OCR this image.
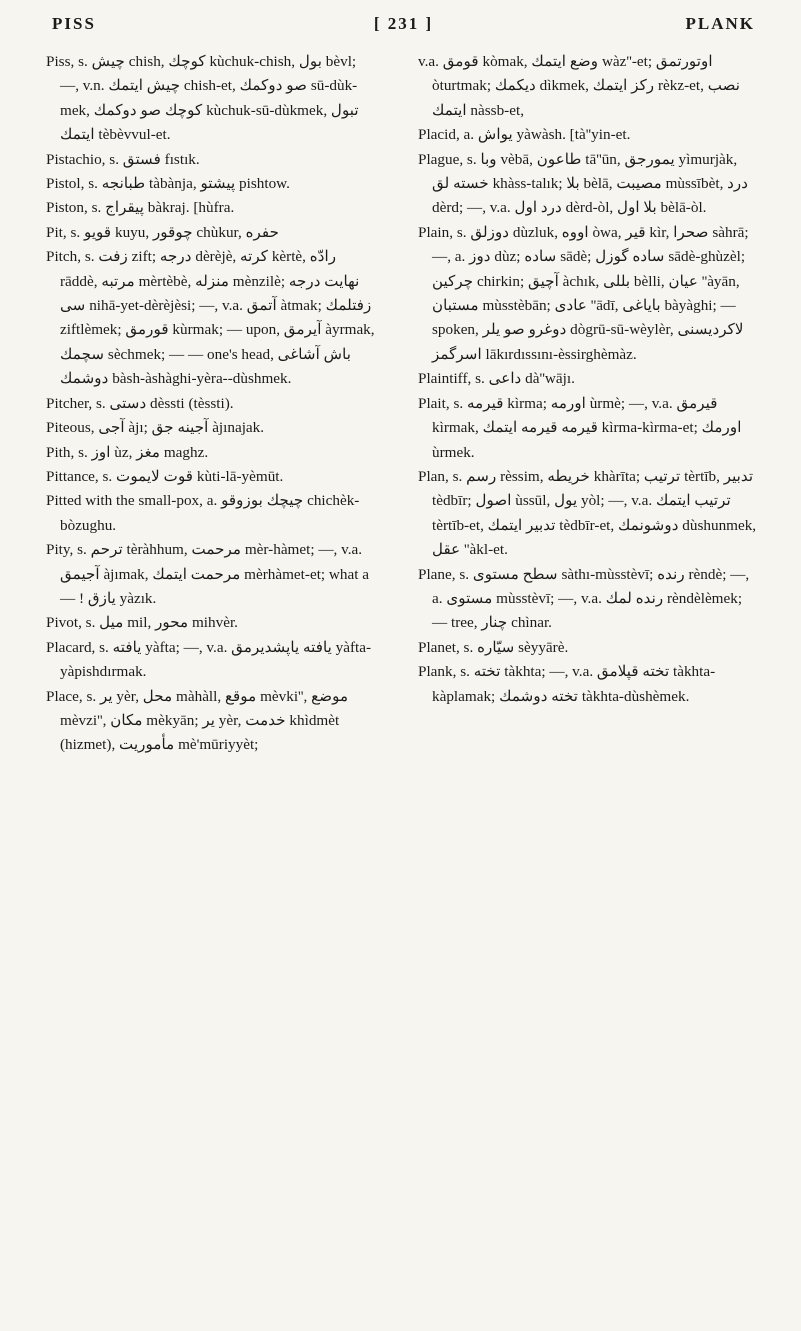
PISS	[ 231 ]	PLANK

Piss, s. چیش chish, كوچك kùchuk-chish, بول bèvl; —, v.n. چیش ایتمك chish-et, صو دوكمك sū-dùk-mek, كوچك صو دوكمك kùchuk-sū-dùkmek, تبول ايتمك tèbèvvul-et.

Pistachio, s. فستق fıstık.

Pistol, s. طبانجه tàbànja, پیشتو pishtow.

Piston, s. پیقراج bàkraj. [hùfra.

Pit, s. قویو kuyu, چوقور chùkur, حفره

Pitch, s. زفت zift; درجه dèrèjè, كرته kèrtè, رادّه rāddè, مرتبه mèrtèbè, منزله mènzilè; نهایت درجه سی nihā-yet-dèrèjèsi; —, v.a. آتمق àtmak; زفتلمك ziftlèmek; قورمق kùrmak; — upon, آیرمق àyrmak, سچمك sèchmek; — — one's head, باش آشاغی دوشمك bàsh-àshàghi-yèra--dùshmek.

Pitcher, s. دستی dèssti (tèssti).

Piteous, آجی àjı; آجینه جق àjınajak.

Pith, s. اوز ùz, مغز maghz.

Pittance, s. قوت لایموت kùti-lā-yèmūt.

Pitted with the small-pox, a. چیچك بوزوقو chichèk-bòzughu.

Pity, s. ترحم tèràhhum, مرحمت mèr-hàmet; —, v.a. آجیمق àjımak, مرحمت ایتمك mèrhàmet-et; what a — ! یازق yàzık.

Pivot, s. میل mil, محور mihvèr.

Placard, s. یافته yàfta; —, v.a. یافته یاپشدیرمق yàfta-yàpishdırmak.

Place, s. یر yèr, محل màhàll, موقع mèvki'', موضع mèvzi'', مكان mèkyān; یر yèr, خدمت khìdmèt (hizmet), مأموریت mè'mūriyyèt;

v.a. قومق kòmak, وضع ایتمك wàz''-et; اوتورتمق òturtmak; دیكمك dìkmek, ركز ایتمك rèkz-et, نصب ایتمك nàssb-et,

Placid, a. یواش yàwàsh. [tà''yin-et.

Plague, s. وبا vèbā, طاعون tā''ūn, یمورجق yìmurjàk, خسته لق khàss-talık; بلا bèlā, مصیبت mùssībèt, درد dèrd; —, v.a. درد اول dèrd-òl, بلا اول bèlā-òl.

Plain, s. دوزلق dùzluk, اووه òwa, قیر kìr, صحرا sàhrā; —, a. دوز dùz; ساده sādè; ساده گوزل sādè-ghùzèl; چركین chirkin; آچیق àchık, بللی bèlli, عیان ''àyān, مستبان mùsstèbān; عادی ''ādī, باياغی bàyàghi; — spoken, دوغرو صو یلر dògrū-sū-wèylèr, لاكردیسنی اسرگمز lākırdıssını-èssirghèmàz.

Plaintiff, s. داعی dà''wājı.

Plait, s. قیرمه kìrma; اورمه ùrmè; —, v.a. قیرمق kìrmak, قیرمه قیرمه ایتمك kìrma-kìrma-et; اورمك ùrmek.

Plan, s. رسم rèssim, خریطه khàrīta; ترتیب tèrtīb, تدبیر tèdbīr; اصول ùssūl, یول yòl; —, v.a. ترتیب ایتمك tèrtīb-et, تدبیر ایتمك tèdbīr-et, دوشونمك dùshunmek, عقل ''àkl-et.

Plane, s. سطح مستوی sàthı-mùsstèvī; رنده rèndè; —, a. مستوی mùsstèvī; —, v.a. رنده لمك rèndèlèmek; — tree, چنار chìnar.

Planet, s. سیّاره sèyyārè.

Plank, s. تخته tàkhta; —, v.a. تخته قپلامق tàkhta-kàplamak; تخته دوشمك tàkhta-dùshèmek.
